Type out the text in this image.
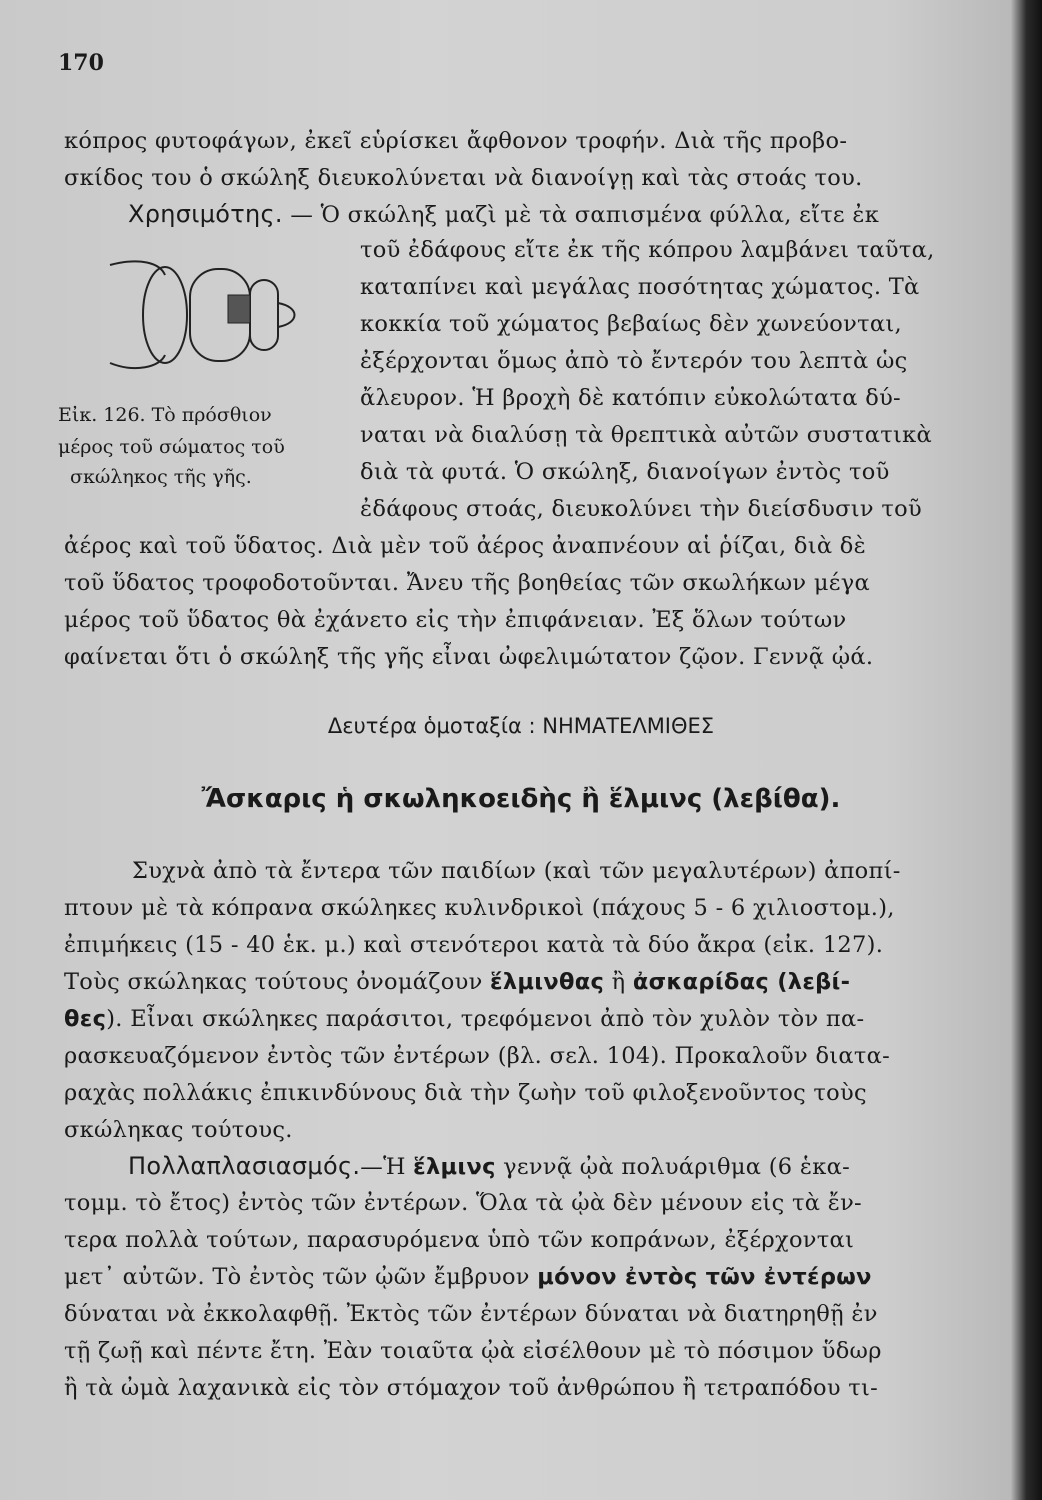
170
κόπρος φυτοφάγων, ἐκεῖ εὑρίσκει ἄφθονον τροφήν. Διὰ τῆς προβο-
σκίδος του ὁ σκώληξ διευκολύνεται νὰ διανοίγῃ καὶ τὰς στοάς του.
Χρησιμότης. — Ὁ σκώληξ μαζὶ μὲ τὰ σαπισμένα φύλλα, εἴτε ἐκ
τοῦ ἐδάφους εἴτε ἐκ τῆς κόπρου λαμβάνει ταῦτα,
καταπίνει καὶ μεγάλας ποσότητας χώματος. Τὰ
κοκκία τοῦ χώματος βεβαίως δὲν χωνεύονται,
ἐξέρχονται ὅμως ἀπὸ τὸ ἔντερόν του λεπτὰ ὡς
ἄλευρον. Ἡ βροχὴ δὲ κατόπιν εὐκολώτατα δύ-
ναται νὰ διαλύσῃ τὰ θρεπτικὰ αὐτῶν συστατικὰ
διὰ τὰ φυτά. Ὁ σκώληξ, διανοίγων ἐντὸς τοῦ
ἐδάφους στοάς, διευκολύνει τὴν διείσδυσιν τοῦ
Εἰκ. 126. Τὸ πρόσθιον
μέρος τοῦ σώματος τοῦ
σκώληκος τῆς γῆς.
ἀέρος καὶ τοῦ ὕδατος. Διὰ μὲν τοῦ ἀέρος ἀναπνέουν αἱ ῥίζαι, διὰ δὲ
τοῦ ὕδατος τροφοδοτοῦνται. Ἄνευ τῆς βοηθείας τῶν σκωλήκων μέγα
μέρος τοῦ ὕδατος θὰ ἐχάνετο εἰς τὴν ἐπιφάνειαν. Ἐξ ὅλων τούτων
φαίνεται ὅτι ὁ σκώληξ τῆς γῆς εἶναι ὠφελιμώτατον ζῷον. Γεννᾷ ᾠά.
Δευτέρα ὁμοταξία : ΝΗΜΑΤΕΛΜΙΘΕΣ
Ἄσκαρις ἡ σκωληκοειδὴς ἢ ἕλμινς (λεβίθα).
Συχνὰ ἀπὸ τὰ ἔντερα τῶν παιδίων (καὶ τῶν μεγαλυτέρων) ἀποπί-
πτουν μὲ τὰ κόπρανα σκώληκες κυλινδρικοὶ (πάχους 5 - 6 χιλιοστομ.),
ἐπιμήκεις (15 - 40 ἑκ. μ.) καὶ στενότεροι κατὰ τὰ δύο ἄκρα (εἰκ. 127).
Τοὺς σκώληκας τούτους ὀνομάζουν ἕλμινθας ἢ ἀσκαρίδας (λεβί-
θες). Εἶναι σκώληκες παράσιτοι, τρεφόμενοι ἀπὸ τὸν χυλὸν τὸν πα-
ρασκευαζόμενον ἐντὸς τῶν ἐντέρων (βλ. σελ. 104). Προκαλοῦν διατα-
ραχὰς πολλάκις ἐπικινδύνους διὰ τὴν ζωὴν τοῦ φιλοξενοῦντος τοὺς
σκώληκας τούτους.
Πολλαπλασιασμός.—Ἡ ἕλμινς γεννᾷ ᾠὰ πολυάριθμα (6 ἑκα-
τομμ. τὸ ἔτος) ἐντὸς τῶν ἐντέρων. Ὅλα τὰ ᾠὰ δὲν μένουν εἰς τὰ ἔν-
τερα πολλὰ τούτων, παρασυρόμενα ὑπὸ τῶν κοπράνων, ἐξέρχονται
μετ᾽ αὐτῶν. Τὸ ἐντὸς τῶν ᾠῶν ἔμβρυον μόνον ἐντὸς τῶν ἐντέρων
δύναται νὰ ἐκκολαφθῇ. Ἐκτὸς τῶν ἐντέρων δύναται νὰ διατηρηθῇ ἐν
τῇ ζωῇ καὶ πέντε ἔτη. Ἐὰν τοιαῦτα ᾠὰ εἰσέλθουν μὲ τὸ πόσιμον ὕδωρ
ἢ τὰ ὠμὰ λαχανικὰ εἰς τὸν στόμαχον τοῦ ἀνθρώπου ἢ τετραπόδου τι-
